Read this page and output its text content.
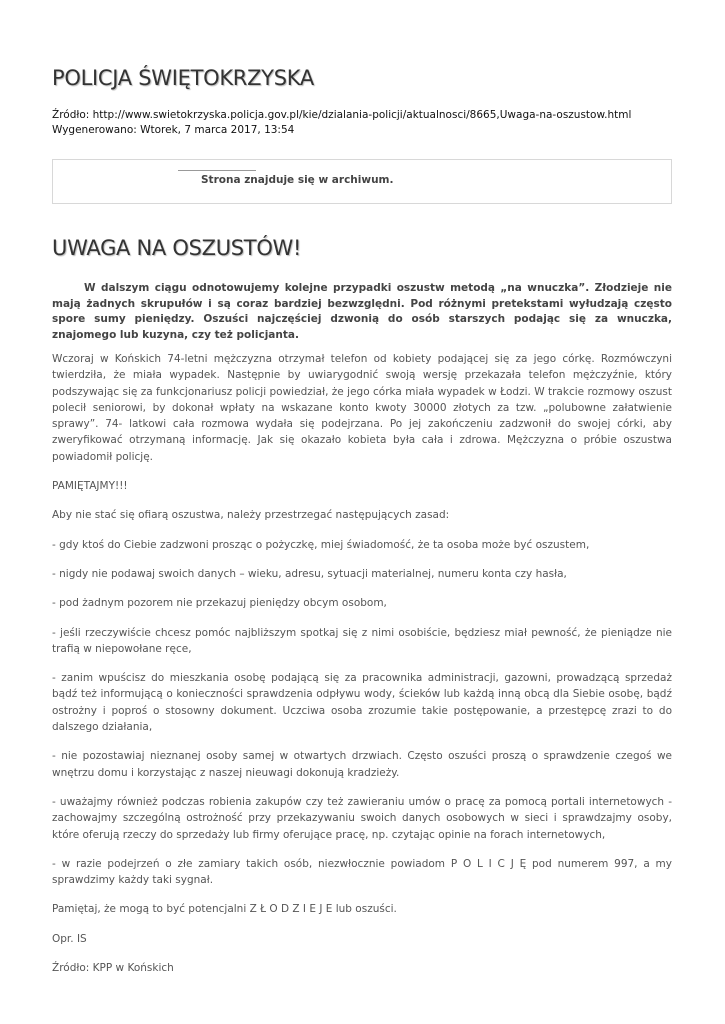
POLICJA ŚWIĘTOKRZYSKA
Źródło: http://www.swietokrzyska.policja.gov.pl/kie/dzialania-policji/aktualnosci/8665,Uwaga-na-oszustow.html
Wygenerowano: Wtorek, 7 marca 2017, 13:54
Strona znajduje się w archiwum.
UWAGA NA OSZUSTÓW!

W dalszym ciągu odnotowujemy kolejne przypadki oszustw metodą „na wnuczka”. Złodzieje nie mają żadnych skrupułów i są coraz bardziej bezwzględni. Pod różnymi pretekstami wyłudzają często spore sumy pieniędzy. Oszuści najczęściej dzwonią do osób starszych podając się za wnuczka, znajomego lub kuzyna, czy też policjanta.

Wczoraj w Końskich 74-letni mężczyzna otrzymał telefon od kobiety podającej się za jego córkę. Rozmówczyni twierdziła, że miała wypadek. Następnie by uwiarygodnić swoją wersję przekazała telefon mężczyźnie, który podszywając się za funkcjonariusz policji powiedział, że jego córka miała wypadek w Łodzi. W trakcie rozmowy oszust polecił seniorowi, by dokonał wpłaty na wskazane konto kwoty 30000 złotych za tzw. „polubowne załatwienie sprawy”. 74- latkowi cała rozmowa wydała się podejrzana. Po jej zakończeniu zadzwonił do swojej córki, aby zweryfikować otrzymaną informację. Jak się okazało kobieta była cała i zdrowa. Mężczyzna o próbie oszustwa powiadomił policję.

PAMIĘTAJMY!!!

Aby nie stać się ofiarą oszustwa, należy przestrzegać następujących zasad:

- gdy ktoś do Ciebie zadzwoni prosząc o pożyczkę, miej świadomość, że ta osoba może być oszustem,

- nigdy nie podawaj swoich danych – wieku, adresu, sytuacji materialnej, numeru konta czy hasła,

- pod żadnym pozorem nie przekazuj pieniędzy obcym osobom,

- jeśli rzeczywiście chcesz pomóc najbliższym spotkaj się z nimi osobiście, będziesz miał pewność, że pieniądze nie trafią w niepowołane ręce,

- zanim wpuścisz do mieszkania osobę podającą się za pracownika administracji, gazowni, prowadzącą sprzedaż bądź też informującą o konieczności sprawdzenia odpływu wody, ścieków lub każdą inną obcą dla Siebie osobę, bądź ostrożny i poproś o stosowny dokument. Uczciwa osoba zrozumie takie postępowanie, a przestępcę zrazi to do dalszego działania,

- nie pozostawiaj nieznanej osoby samej w otwartych drzwiach. Często oszuści proszą o sprawdzenie czegoś we wnętrzu domu i korzystając z naszej nieuwagi dokonują kradzieży.

- uważajmy również podczas robienia zakupów czy też zawieraniu umów o pracę za pomocą portali internetowych - zachowajmy szczególną ostrożność przy przekazywaniu swoich danych osobowych w sieci i sprawdzajmy osoby, które oferują rzeczy do sprzedaży lub firmy oferujące pracę, np. czytając opinie na forach internetowych,

- w razie podejrzeń o złe zamiary takich osób, niezwłocznie powiadom P O L I C J Ę pod numerem 997, a my sprawdzimy każdy taki sygnał.

Pamiętaj, że mogą to być potencjalni Z Ł O D Z I E J E lub oszuści.

Opr. IS

Źródło: KPP w Końskich
